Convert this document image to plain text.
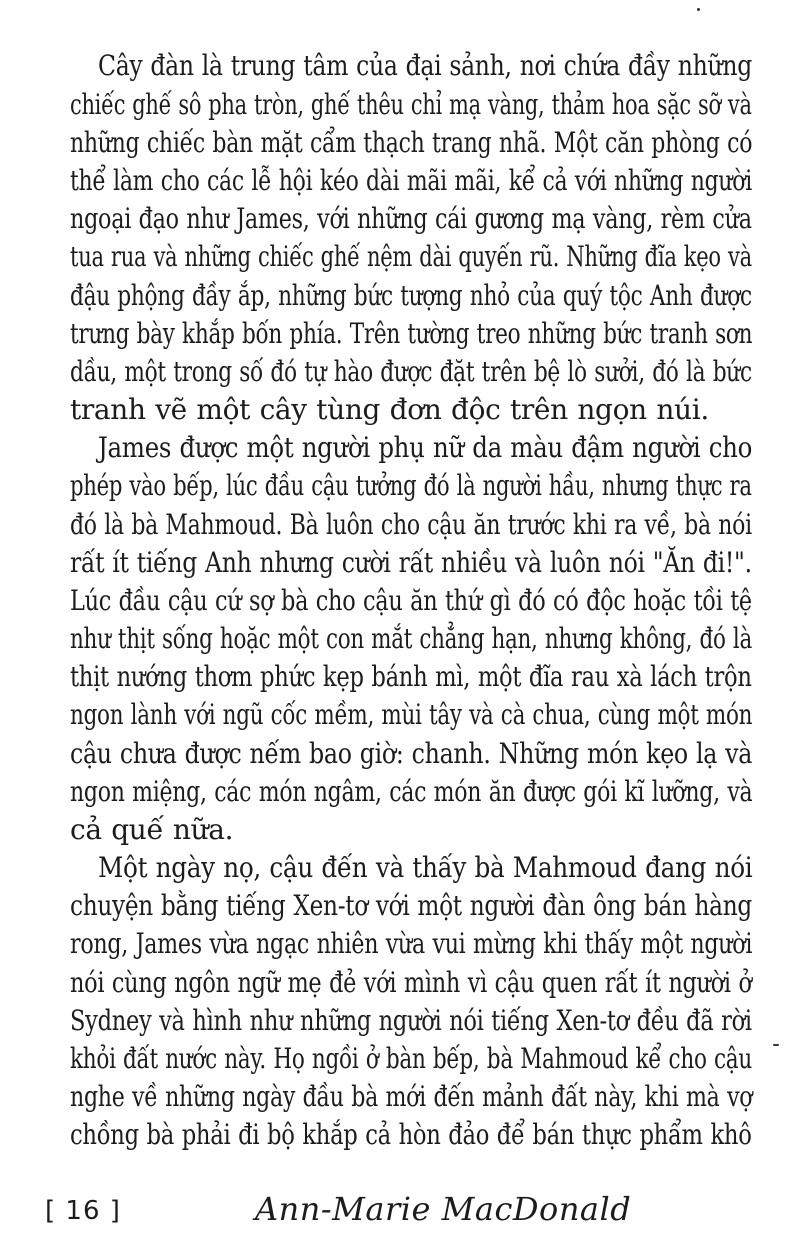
Cây đàn là trung tâm của đại sảnh, nơi chứa đầy những
chiếc ghế sô pha tròn, ghế thêu chỉ mạ vàng, thảm hoa sặc sỡ và
những chiếc bàn mặt cẩm thạch trang nhã. Một căn phòng có
thể làm cho các lễ hội kéo dài mãi mãi, kể cả với những người
ngoại đạo như James, với những cái gương mạ vàng, rèm cửa
tua rua và những chiếc ghế nệm dài quyến rũ. Những đĩa kẹo và
đậu phộng đầy ắp, những bức tượng nhỏ của quý tộc Anh được
trưng bày khắp bốn phía. Trên tường treo những bức tranh sơn
dầu, một trong số đó tự hào được đặt trên bệ lò sưởi, đó là bức
tranh vẽ một cây tùng đơn độc trên ngọn núi.
James được một người phụ nữ da màu đậm người cho
phép vào bếp, lúc đầu cậu tưởng đó là người hầu, nhưng thực ra
đó là bà Mahmoud. Bà luôn cho cậu ăn trước khi ra về, bà nói
rất ít tiếng Anh nhưng cười rất nhiều và luôn nói "Ăn đi!".
Lúc đầu cậu cứ sợ bà cho cậu ăn thứ gì đó có độc hoặc tồi tệ
như thịt sống hoặc một con mắt chẳng hạn, nhưng không, đó là
thịt nướng thơm phức kẹp bánh mì, một đĩa rau xà lách trộn
ngon lành với ngũ cốc mềm, mùi tây và cà chua, cùng một món
cậu chưa được nếm bao giờ: chanh. Những món kẹo lạ và
ngon miệng, các món ngâm, các món ăn được gói kĩ lưỡng, và
cả quế nữa.
Một ngày nọ, cậu đến và thấy bà Mahmoud đang nói
chuyện bằng tiếng Xen-tơ với một người đàn ông bán hàng
rong, James vừa ngạc nhiên vừa vui mừng khi thấy một người
nói cùng ngôn ngữ mẹ đẻ với mình vì cậu quen rất ít người ở
Sydney và hình như những người nói tiếng Xen-tơ đều đã rời
khỏi đất nước này. Họ ngồi ở bàn bếp, bà Mahmoud kể cho cậu
nghe về những ngày đầu bà mới đến mảnh đất này, khi mà vợ
chồng bà phải đi bộ khắp cả hòn đảo để bán thực phẩm khô
[ 16 ]	Ann-Marie MacDonald
